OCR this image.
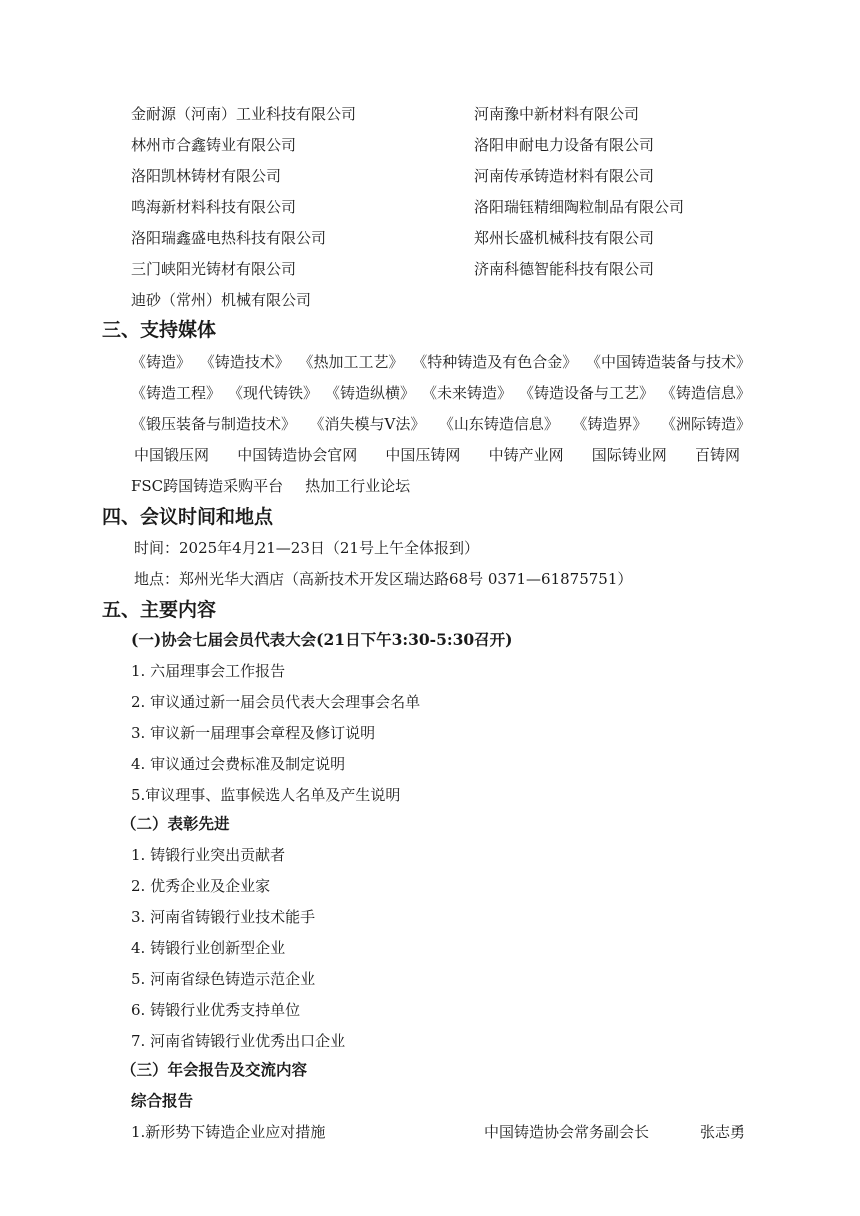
金耐源（河南）工业科技有限公司	河南豫中新材料有限公司
林州市合鑫铸业有限公司	洛阳申耐电力设备有限公司
洛阳凯林铸材有限公司	河南传承铸造材料有限公司
鸣海新材料科技有限公司	洛阳瑞钰精细陶粒制品有限公司
洛阳瑞鑫盛电热科技有限公司	郑州长盛机械科技有限公司
三门峡阳光铸材有限公司	济南科德智能科技有限公司
迪砂（常州）机械有限公司
三、支持媒体
《铸造》 《铸造技术》 《热加工工艺》 《特种铸造及有色合金》 《中国铸造装备与技术》
《铸造工程》 《现代铸铁》 《铸造纵横》 《未来铸造》 《铸造设备与工艺》 《铸造信息》
《锻压装备与制造技术》 《消失模与V法》 《山东铸造信息》 《铸造界》 《洲际铸造》
中国锻压网 中国铸造协会官网 中国压铸网 中铸产业网 国际铸业网 百铸网
FSC跨国铸造采购平台 热加工行业论坛
四、会议时间和地点
时间：2025年4月21—23日（21号上午全体报到）
地点：郑州光华大酒店（高新技术开发区瑞达路68号 0371—61875751）
五、主要内容
(一)协会七届会员代表大会(21日下午3:30-5:30召开)
1. 六届理事会工作报告
2. 审议通过新一届会员代表大会理事会名单
3. 审议新一届理事会章程及修订说明
4. 审议通过会费标准及制定说明
5.审议理事、监事候选人名单及产生说明
（二）表彰先进
1. 铸锻行业突出贡献者
2. 优秀企业及企业家
3. 河南省铸锻行业技术能手
4. 铸锻行业创新型企业
5. 河南省绿色铸造示范企业
6. 铸锻行业优秀支持单位
7. 河南省铸锻行业优秀出口企业
（三）年会报告及交流内容
综合报告
1.新形势下铸造企业应对措施	中国铸造协会常务副会长	张志勇
